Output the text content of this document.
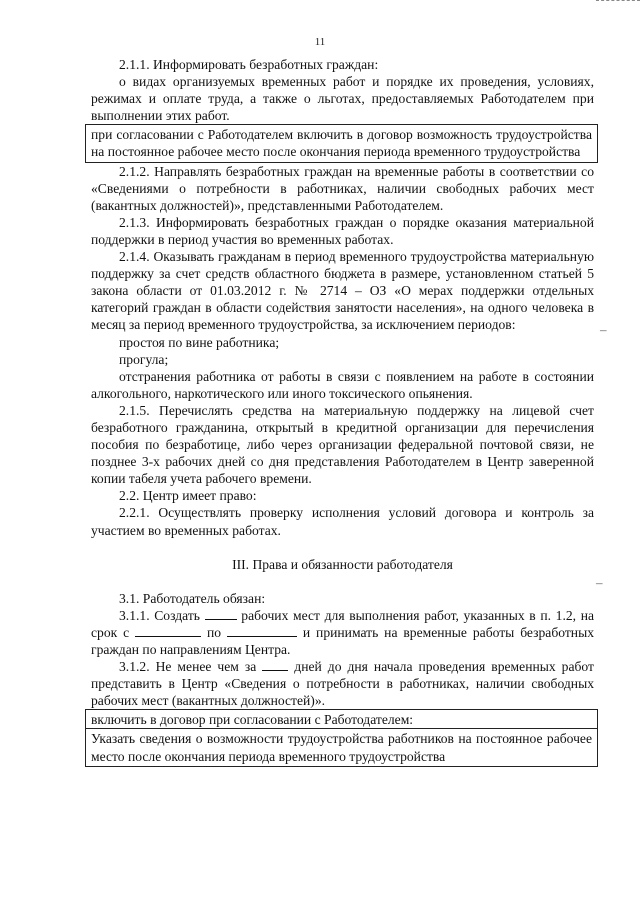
11

2.1.1. Информировать безработных граждан:

о видах организуемых временных работ и порядке их проведения, условиях, режимах и оплате труда, а также о льготах, предоставляемых Работодателем при выполнении этих работ.

при согласовании с Работодателем включить в договор возможность трудоустройства на постоянное рабочее место после окончания периода временного трудоустройства

2.1.2. Направлять безработных граждан на временные работы в соответствии со «Сведениями о потребности в работниках, наличии свободных рабочих мест (вакантных должностей)», представленными Работодателем.

2.1.3. Информировать безработных граждан о порядке оказания материальной поддержки в период участия во временных работах.

2.1.4. Оказывать гражданам в период временного трудоустройства материальную поддержку за счет средств областного бюджета в размере, установленном статьей 5 закона области от 01.03.2012 г. № 2714 – ОЗ «О мерах поддержки отдельных категорий граждан в области содействия занятости населения», на одного человека в месяц за период временного трудоустройства, за исключением периодов:

простоя по вине работника;

прогула;

отстранения работника от работы в связи с появлением на работе в состоянии алкогольного, наркотического или иного токсического опьянения.

2.1.5. Перечислять средства на материальную поддержку на лицевой счет безработного гражданина, открытый в кредитной организации для перечисления пособия по безработице, либо через организации федеральной почтовой связи, не позднее 3-х рабочих дней со дня представления Работодателем в Центр заверенной копии табеля учета рабочего времени.

2.2. Центр имеет право:

2.2.1. Осуществлять проверку исполнения условий договора и контроль за участием во временных работах.

III. Права и обязанности работодателя

3.1. Работодатель обязан:

3.1.1. Создать	рабочих мест для выполнения работ, указанных в п. 1.2, на срок с	по	и принимать на временные работы безработных граждан по направлениям Центра.

3.1.2. Не менее чем за	дней до дня начала проведения временных работ представить в Центр «Сведения о потребности в работниках, наличии свободных рабочих мест (вакантных должностей)».

включить в договор при согласовании с Работодателем:

Указать сведения о возможности трудоустройства работников на постоянное рабочее место после окончания периода временного трудоустройства

–
–
